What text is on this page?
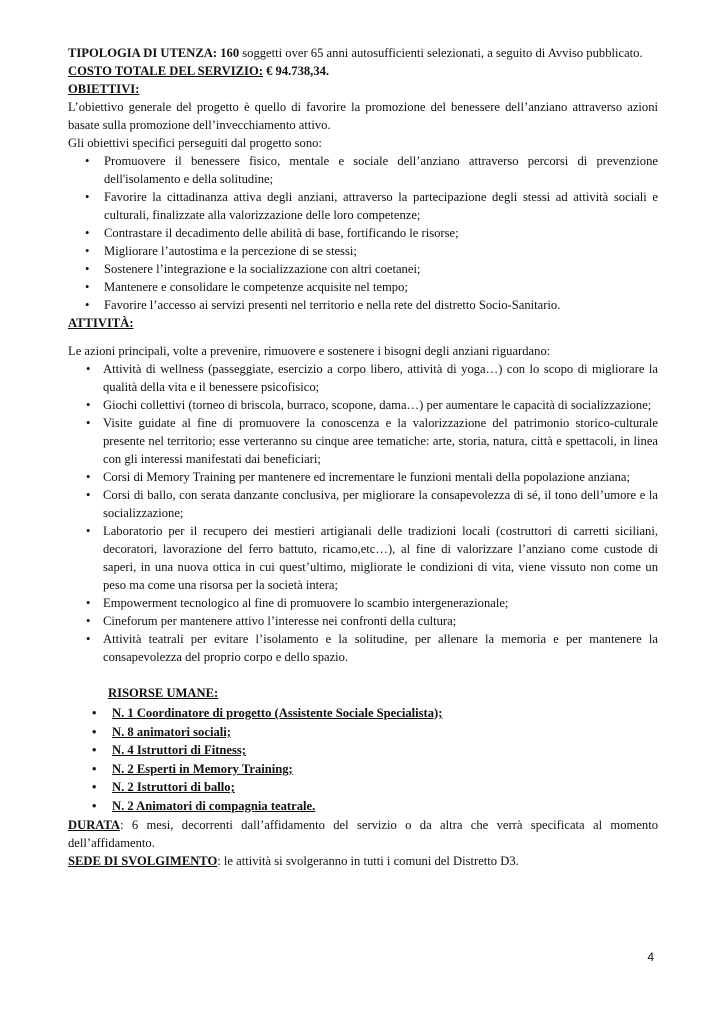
TIPOLOGIA DI UTENZA: 160 soggetti over 65 anni autosufficienti selezionati, a seguito di Avviso pubblicato.

COSTO TOTALE DEL SERVIZIO: € 94.738,34.

OBIETTIVI:

L’obiettivo generale del progetto è quello di favorire la promozione del benessere dell’anziano attraverso azioni basate sulla promozione dell’invecchiamento attivo.

Gli obiettivi specifici perseguiti dal progetto sono:

• Promuovere il benessere fisico, mentale e sociale dell’anziano attraverso percorsi di prevenzione dell'isolamento e della solitudine;
• Favorire la cittadinanza attiva degli anziani, attraverso la partecipazione degli stessi ad attività sociali e culturali, finalizzate alla valorizzazione delle loro competenze;
• Contrastare il decadimento delle abilità di base, fortificando le risorse;
• Migliorare l’autostima e la percezione di se stessi;
• Sostenere l’integrazione e la socializzazione con altri coetanei;
• Mantenere e consolidare le competenze acquisite nel tempo;
• Favorire l’accesso ai servizi presenti nel territorio e nella rete del distretto Socio-Sanitario.

ATTIVITÀ:

Le azioni principali, volte a prevenire, rimuovere e sostenere i bisogni degli anziani riguardano:

• Attività di wellness (passeggiate, esercizio a corpo libero, attività di yoga…) con lo scopo di migliorare la qualità della vita e il benessere psicofisico;
• Giochi collettivi (torneo di briscola, burraco, scopone, dama…) per aumentare le capacità di socializzazione;
• Visite guidate al fine di promuovere la conoscenza e la valorizzazione del patrimonio storico-culturale presente nel territorio; esse verteranno su cinque aree tematiche: arte, storia, natura, città e spettacoli, in linea con gli interessi manifestati dai beneficiari;
• Corsi di Memory Training per mantenere ed incrementare le funzioni mentali della popolazione anziana;
• Corsi di ballo, con serata danzante conclusiva, per migliorare la consapevolezza di sé, il tono dell’umore e la socializzazione;
• Laboratorio per il recupero dei mestieri artigianali delle tradizioni locali (costruttori di carretti siciliani, decoratori, lavorazione del ferro battuto, ricamo,etc…), al fine di valorizzare l’anziano come custode di saperi, in una nuova ottica in cui quest’ultimo, migliorate le condizioni di vita, viene vissuto non come un peso ma come una risorsa per la società intera;
• Empowerment tecnologico al fine di promuovere lo scambio intergenerazionale;
• Cineforum per mantenere attivo l’interesse nei confronti della cultura;
• Attività teatrali per evitare l’isolamento e la solitudine, per allenare la memoria e per mantenere la consapevolezza del proprio corpo e dello spazio.

RISORSE UMANE:

• N. 1 Coordinatore di progetto (Assistente Sociale Specialista);
• N. 8 animatori sociali;
• N. 4 Istruttori di Fitness;
• N. 2 Esperti in Memory Training;
• N. 2 Istruttori di ballo;
• N. 2 Animatori di compagnia teatrale.

DURATA: 6 mesi, decorrenti dall’affidamento del servizio o da altra che verrà specificata al momento dell’affidamento.

SEDE DI SVOLGIMENTO: le attività si svolgeranno in tutti i comuni del Distretto D3.

4
